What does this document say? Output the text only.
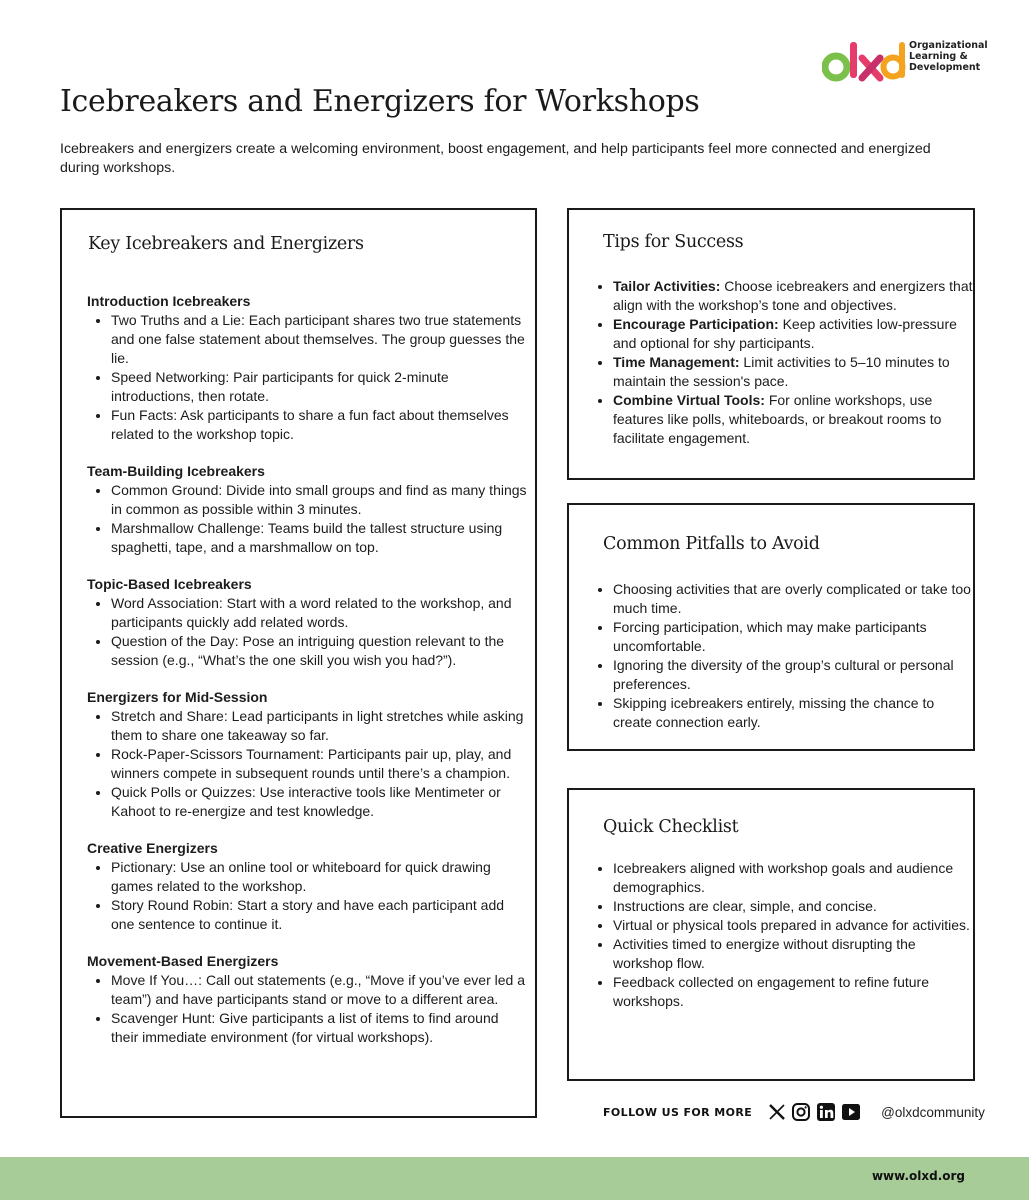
Organizational
Learning &
Development
Icebreakers and Energizers for Workshops

Icebreakers and energizers create a welcoming environment, boost engagement, and help participants feel more connected and energized during workshops.

Key Icebreakers and Energizers

Introduction Icebreakers

• Two Truths and a Lie: Each participant shares two true statements and one false statement about themselves. The group guesses the lie.
• Speed Networking: Pair participants for quick 2-minute introductions, then rotate.
• Fun Facts: Ask participants to share a fun fact about themselves related to the workshop topic.

Team-Building Icebreakers

• Common Ground: Divide into small groups and find as many things in common as possible within 3 minutes.
• Marshmallow Challenge: Teams build the tallest structure using spaghetti, tape, and a marshmallow on top.

Topic-Based Icebreakers

• Word Association: Start with a word related to the workshop, and participants quickly add related words.
• Question of the Day: Pose an intriguing question relevant to the session (e.g., “What’s the one skill you wish you had?”).

Energizers for Mid-Session

• Stretch and Share: Lead participants in light stretches while asking them to share one takeaway so far.
• Rock-Paper-Scissors Tournament: Participants pair up, play, and winners compete in subsequent rounds until there’s a champion.
• Quick Polls or Quizzes: Use interactive tools like Mentimeter or Kahoot to re-energize and test knowledge.

Creative Energizers

• Pictionary: Use an online tool or whiteboard for quick drawing games related to the workshop.
• Story Round Robin: Start a story and have each participant add one sentence to continue it.

Movement-Based Energizers

• Move If You…: Call out statements (e.g., “Move if you’ve ever led a team”) and have participants stand or move to a different area.
• Scavenger Hunt: Give participants a list of items to find around their immediate environment (for virtual workshops).
Tips for Success
• Tailor Activities: Choose icebreakers and energizers that align with the workshop’s tone and objectives.
• Encourage Participation: Keep activities low-pressure and optional for shy participants.
• Time Management: Limit activities to 5–10 minutes to maintain the session's pace.
• Combine Virtual Tools: For online workshops, use features like polls, whiteboards, or breakout rooms to facilitate engagement.
Common Pitfalls to Avoid
• Choosing activities that are overly complicated or take too much time.
• Forcing participation, which may make participants uncomfortable.
• Ignoring the diversity of the group’s cultural or personal preferences.
• Skipping icebreakers entirely, missing the chance to create connection early.
Quick Checklist
• Icebreakers aligned with workshop goals and audience demographics.
• Instructions are clear, simple, and concise.
• Virtual or physical tools prepared in advance for activities.
• Activities timed to energize without disrupting the workshop flow.
• Feedback collected on engagement to refine future workshops.
FOLLOW US FOR MORE	@olxdcommunity
www.olxd.org
